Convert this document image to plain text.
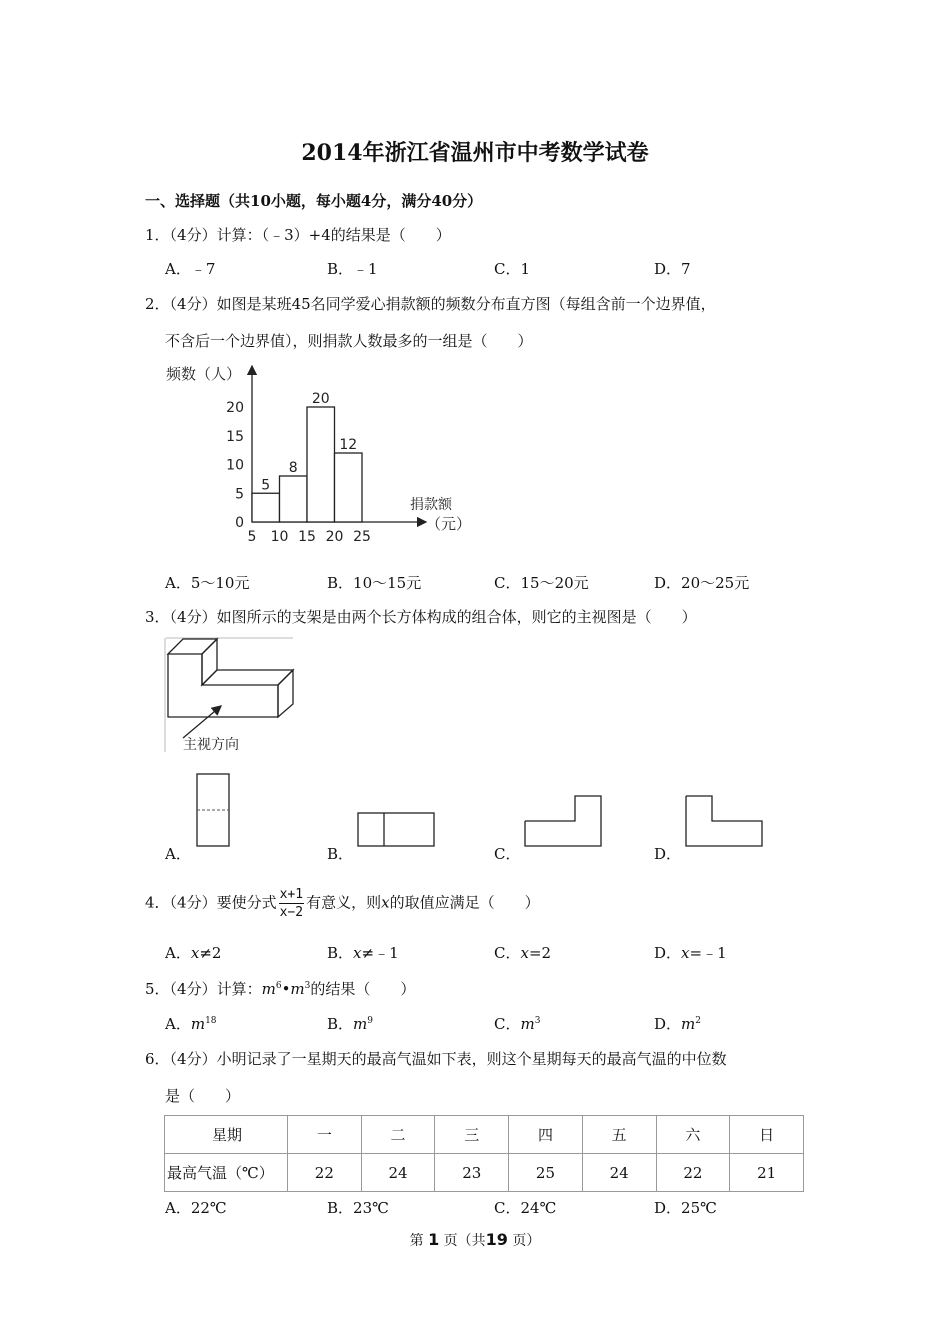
2014年浙江省温州市中考数学试卷
一、选择题（共10小题，每小题4分，满分40分）
1．（4分）计算：（﹣3）+4的结果是（　　）
A．﹣7	B．﹣1	C．1	D．7
2．（4分）如图是某班45名同学爱心捐款额的频数分布直方图（每组含前一个边界值，
不含后一个边界值），则捐款人数最多的一组是（　　）
频数（人）
捐款额
（元）
5
8
20
12
0
5
10
15
20
5 10 15 20 25
A．5～10元	B．10～15元	C．15～20元	D．20～25元
3．（4分）如图所示的支架是由两个长方体构成的组合体，则它的主视图是（　　）
主视方向
A．	B．	C．	D．
4．（4分）要使分式 $\frac{x+1}{x-2}$ 有意义，则x的取值应满足（　　）
A．x≠2	B．x≠﹣1	C．x=2	D．x=﹣1
5．（4分）计算：$m^6•m^3$的结果（　　）
A．$m^{18}$	B．$m^9$	C．$m^3$	D．$m^2$
6．（4分）小明记录了一星期天的最高气温如下表，则这个星期每天的最高气温的中位数
是（　　）
星期	一	二	三	四	五	六	日
最高气温（℃）	22	24	23	25	24	22	21
A．22℃	B．23℃	C．24℃	D．25℃
第 1 页（共19 页）
